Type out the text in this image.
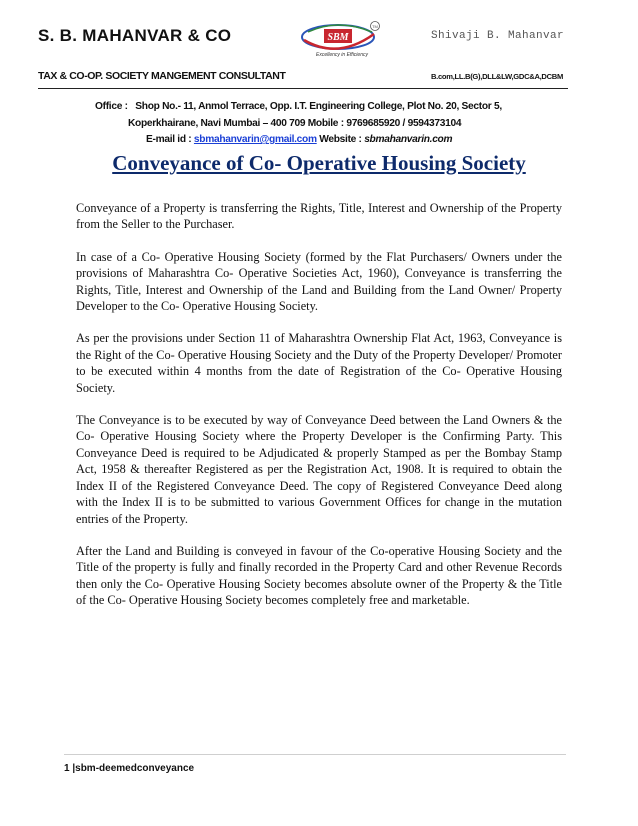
S. B. MAHANVAR & CO	SBM
TM
Excellency in Efficiency
Shivaji B. Mahanvar
TAX & CO-OP. SOCIETY MANGEMENT CONSULTANT	B.com,LL.B(G),DLL&LW,GDC&A,DCBM
Office : Shop No.- 11, Anmol Terrace, Opp. I.T. Engineering College, Plot No. 20, Sector 5,
Koperkhairane, Navi Mumbai – 400 709 Mobile : 9769685920 / 9594373104
E-mail id : sbmahanvarin@gmail.com Website : sbmahanvarin.com
Conveyance of Co- Operative Housing Society

Conveyance of a Property is transferring the Rights, Title, Interest and Ownership of the Property from the Seller to the Purchaser.

In case of a Co- Operative Housing Society (formed by the Flat Purchasers/ Owners under the provisions of Maharashtra Co- Operative Societies Act, 1960), Conveyance is transferring the Rights, Title, Interest and Ownership of the Land and Building from the Land Owner/ Property Developer to the Co- Operative Housing Society.

As per the provisions under Section 11 of Maharashtra Ownership Flat Act, 1963, Conveyance is the Right of the Co- Operative Housing Society and the Duty of the Property Developer/ Promoter to be executed within 4 months from the date of Registration of the Co- Operative Housing Society.

The Conveyance is to be executed by way of Conveyance Deed between the Land Owners & the Co- Operative Housing Society where the Property Developer is the Confirming Party. This Conveyance Deed is required to be Adjudicated & properly Stamped as per the Bombay Stamp Act, 1958 & thereafter Registered as per the Registration Act, 1908. It is required to obtain the Index II of the Registered Conveyance Deed. The copy of Registered Conveyance Deed along with the Index II is to be submitted to various Government Offices for change in the mutation entries of the Property.

After the Land and Building is conveyed in favour of the Co-operative Housing Society and the Title of the property is fully and finally recorded in the Property Card and other Revenue Records then only the Co- Operative Housing Society becomes absolute owner of the Property & the Title of the Co- Operative Housing Society becomes completely free and marketable.

1 |sbm-deemedconveyance
